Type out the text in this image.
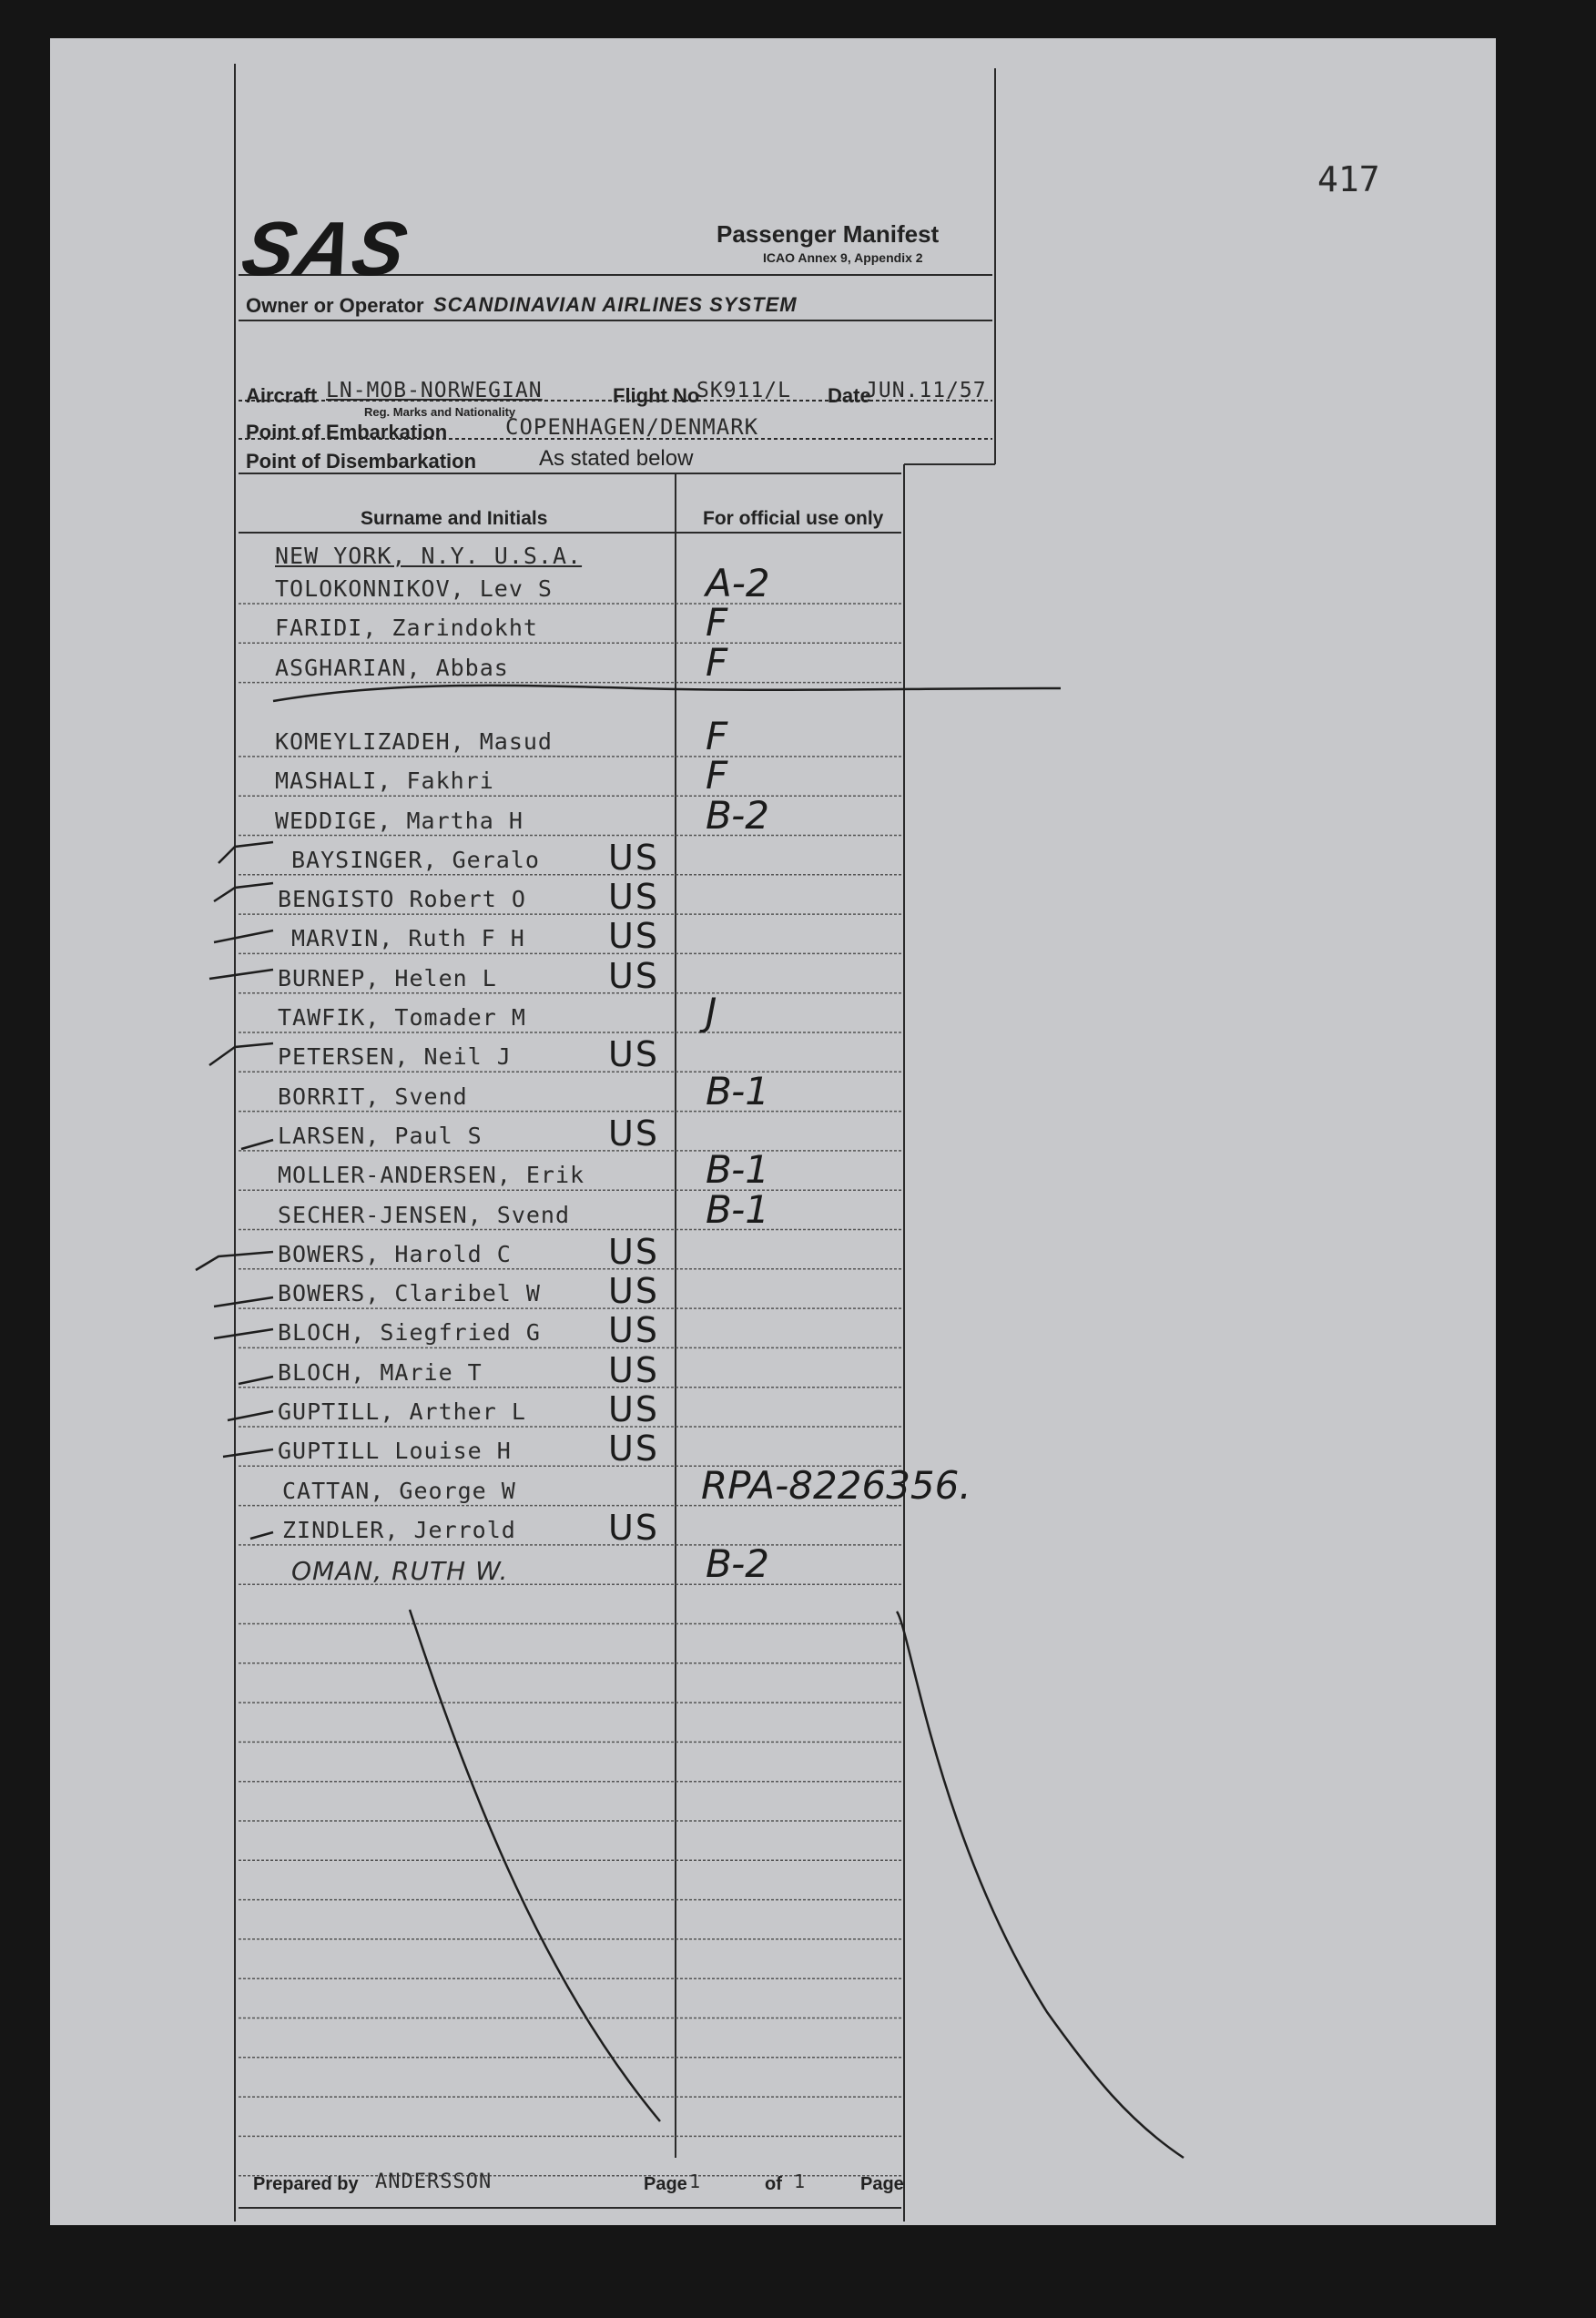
417
SAS	Passenger Manifest
ICAO Annex 9, Appendix 2
Owner or Operator SCANDINAVIAN AIRLINES SYSTEM
Aircraft LN-MOB-NORWEGIAN
Reg. Marks and Nationality
Flight No
SK911/L Date
JUN.11/57
Point of Embarkation	COPENHAGEN/DENMARK
Point of Disembarkation	As stated below
Surname and Initials	For official use only
NEW YORK, N.Y. U.S.A.
TOLOKONNIKOV, Lev S	A-2
FARIDI, Zarindokht	F
ASGHARIAN, Abbas	F
KOMEYLIZADEH, Masud	F
MASHALI, Fakhri	F
WEDDIGE, Martha H	B-2
BAYSINGER, Geralo US
BENGISTO Robert O US
MARVIN, Ruth F H US
BURNEP, Helen L	US
TAWFIK, Tomader M	J
PETERSEN, Neil J	US
BORRIT, Svend	B-1
LARSEN, Paul S	US
MOLLER-ANDERSEN, Erik	B-1
SECHER-JENSEN, Svend	B-1
BOWERS, Harold C	US
BOWERS, Claribel W US
BLOCH, Siegfried G US
BLOCH, MArie T	US
GUPTILL, Arther L US
GUPTILL Louise H	US
CATTAN, George W	RPA-8226356.
ZINDLER, Jerrold	US
OMAN, RUTH W.	B-2
Prepared by ANDERSSON	Page 1	of 1	Page
